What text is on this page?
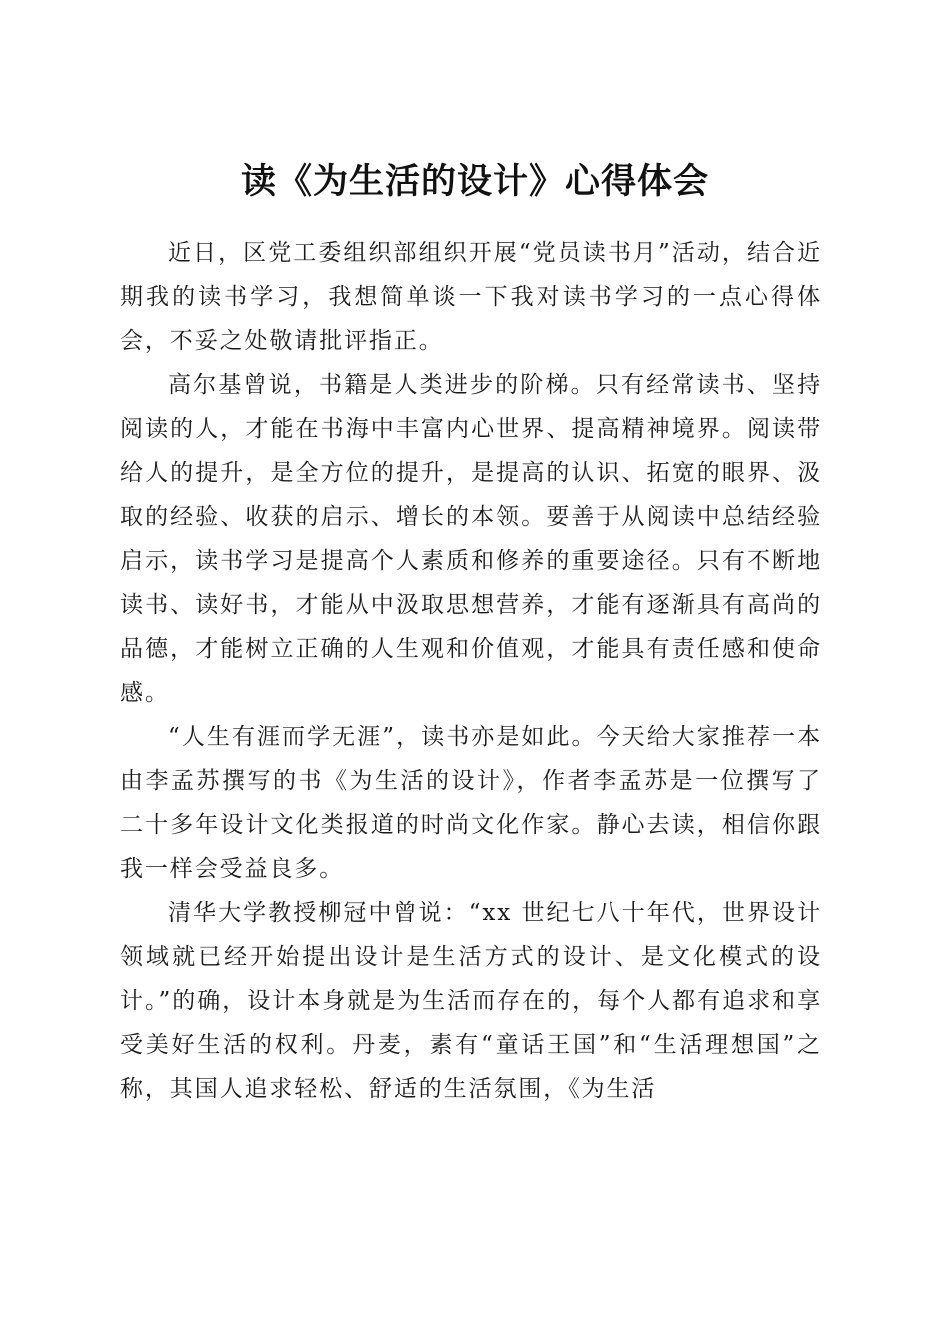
读《为生活的设计》心得体会

近日，区党工委组织部组织开展“党员读书月”活动，结合近期我的读书学习，我想简单谈一下我对读书学习的一点心得体会，不妥之处敬请批评指正。

高尔基曾说，书籍是人类进步的阶梯。只有经常读书、坚持阅读的人，才能在书海中丰富内心世界、提高精神境界。阅读带给人的提升，是全方位的提升，是提高的认识、拓宽的眼界、汲取的经验、收获的启示、增长的本领。要善于从阅读中总结经验启示，读书学习是提高个人素质和修养的重要途径。只有不断地读书、读好书，才能从中汲取思想营养，才能有逐渐具有高尚的品德，才能树立正确的人生观和价值观，才能具有责任感和使命感。

“人生有涯而学无涯”，读书亦是如此。今天给大家推荐一本由李孟苏撰写的书《为生活的设计》，作者李孟苏是一位撰写了二十多年设计文化类报道的时尚文化作家。静心去读，相信你跟我一样会受益良多。

清华大学教授柳冠中曾说：“xx 世纪七八十年代，世界设计领域就已经开始提出设计是生活方式的设计、是文化模式的设计。”的确，设计本身就是为生活而存在的，每个人都有追求和享受美好生活的权利。丹麦，素有“童话王国”和“生活理想国”之称，其国人追求轻松、舒适的生活氛围，《为生活
